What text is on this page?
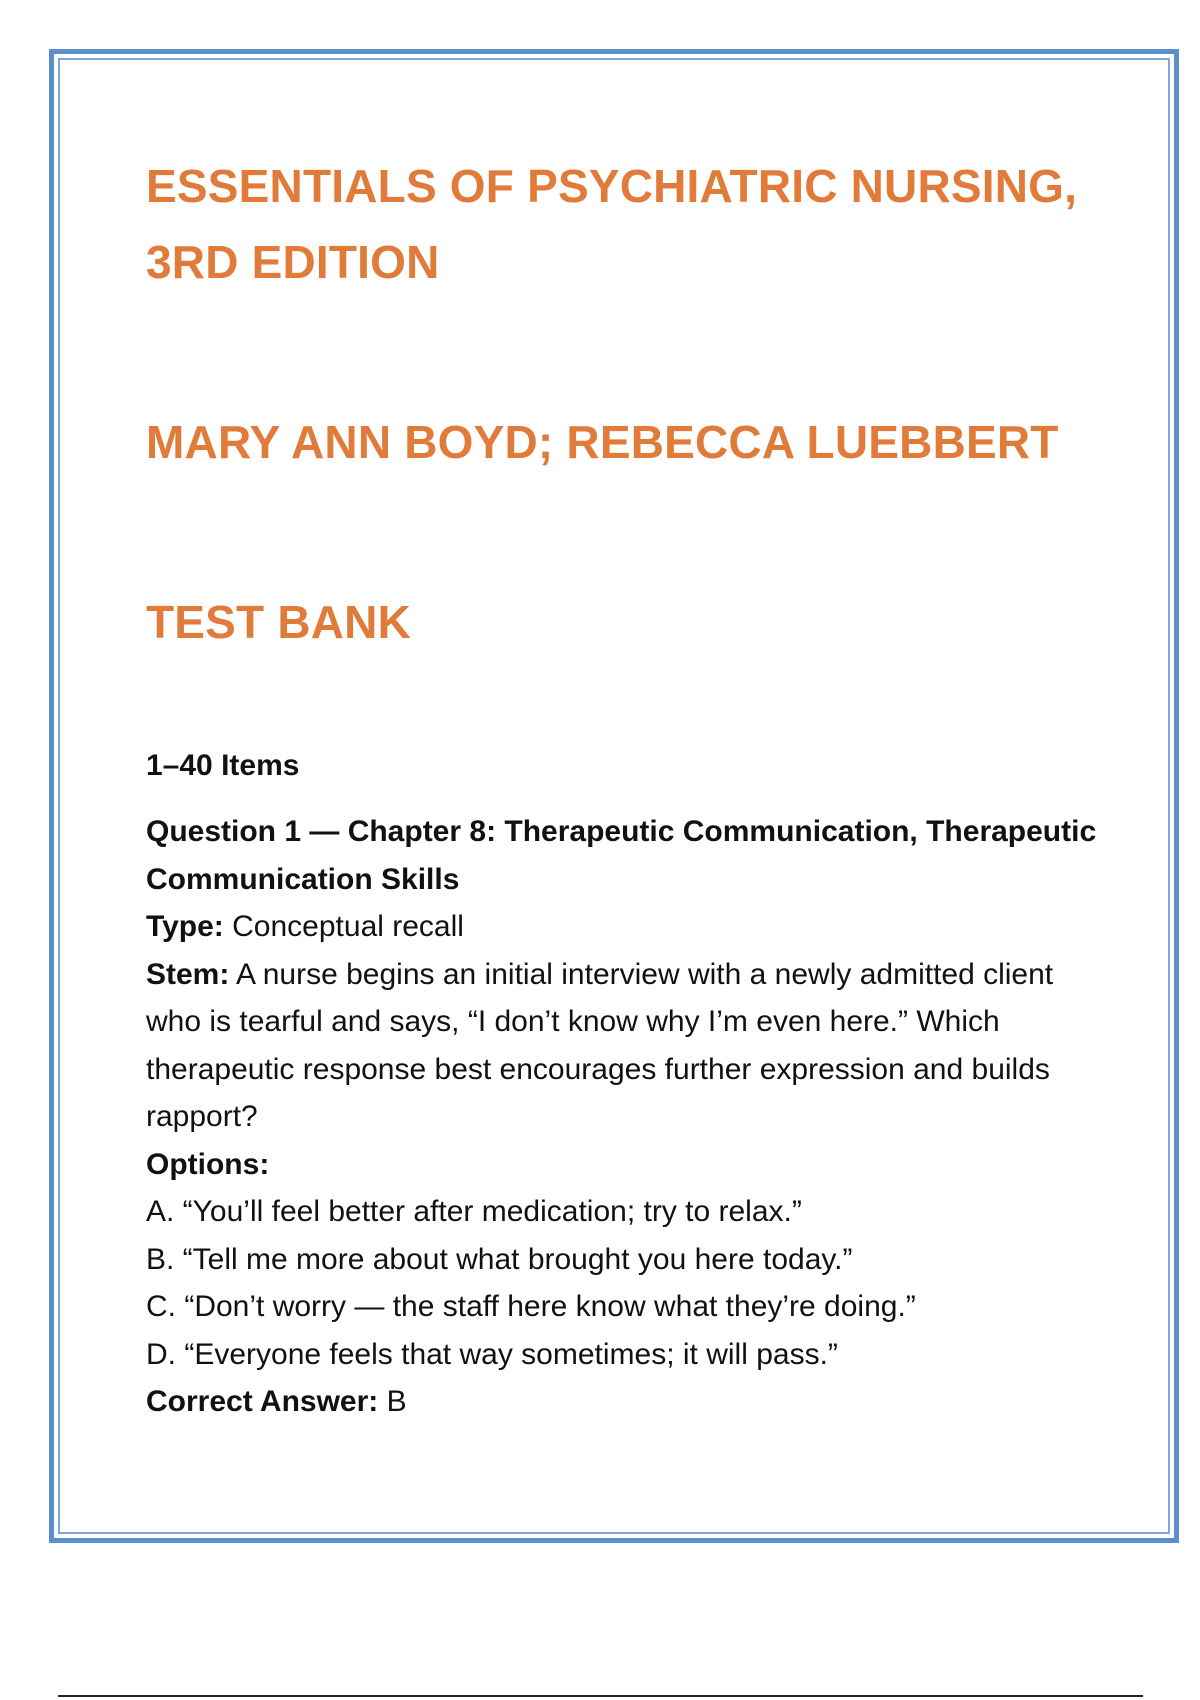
ESSENTIALS OF PSYCHIATRIC NURSING, 3RD EDITION
MARY ANN BOYD; REBECCA LUEBBERT
TEST BANK
1–40 Items
Question 1 — Chapter 8: Therapeutic Communication, Therapeutic Communication Skills
Type: Conceptual recall
Stem: A nurse begins an initial interview with a newly admitted client who is tearful and says, “I don’t know why I’m even here.” Which therapeutic response best encourages further expression and builds rapport?
Options:
A. “You’ll feel better after medication; try to relax.”
B. “Tell me more about what brought you here today.”
C. “Don’t worry — the staff here know what they’re doing.”
D. “Everyone feels that way sometimes; it will pass.”
Correct Answer: B
